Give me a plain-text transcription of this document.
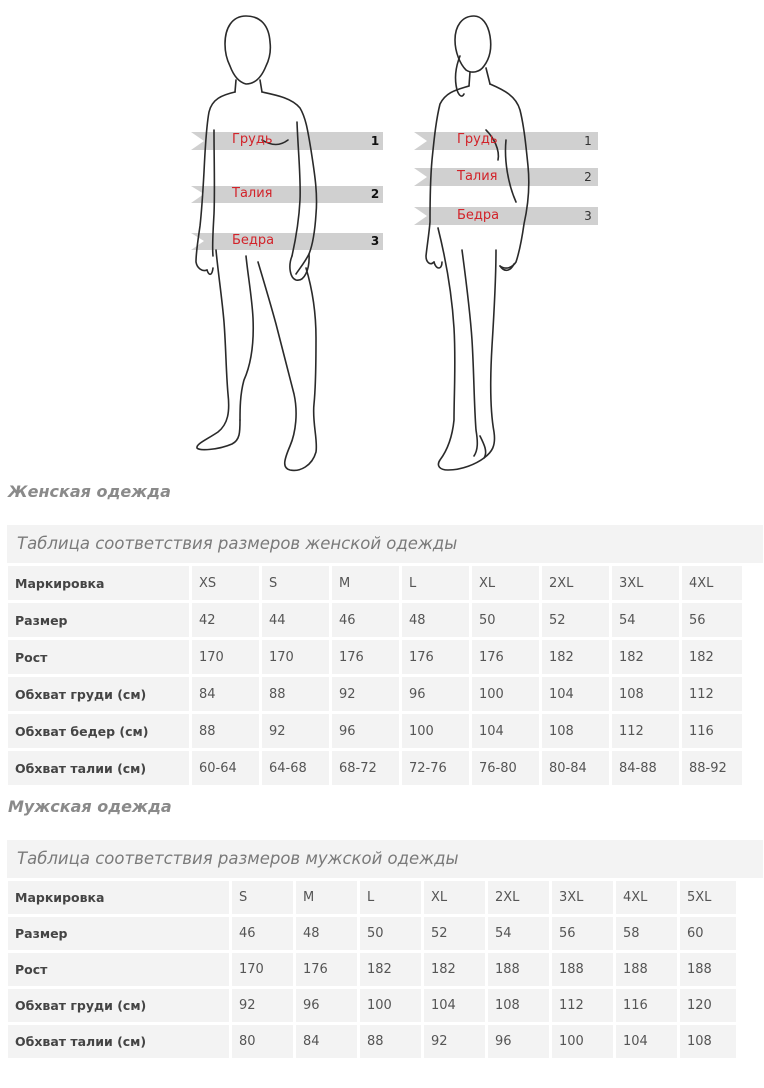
Грудь	1
Талия	2
Бедра	3
Грудь	1
Талия	2
Бедра	3
Женская одежда
Таблица соответствия размеров женской одежды
Маркировка	XS	S	M	L	XL	2XL	3XL	4XL
Размер	42	44	46	48	50	52	54	56
Рост	170	170	176	176	176	182	182	182
Обхват груди (см)	84	88	92	96	100	104	108	112
Обхват бедер (см)	88	92	96	100	104	108	112	116
Обхват талии (см)	60-64	64-68	68-72	72-76	76-80	80-84	84-88	88-92
Мужская одежда
Таблица соответствия размеров мужской одежды
Маркировка	S	M	L	XL	2XL	3XL	4XL	5XL
Размер	46	48	50	52	54	56	58	60
Рост	170	176	182	182	188	188	188	188
Обхват груди (см)	92	96	100	104	108	112	116	120
Обхват талии (см)	80	84	88	92	96	100	104	108
